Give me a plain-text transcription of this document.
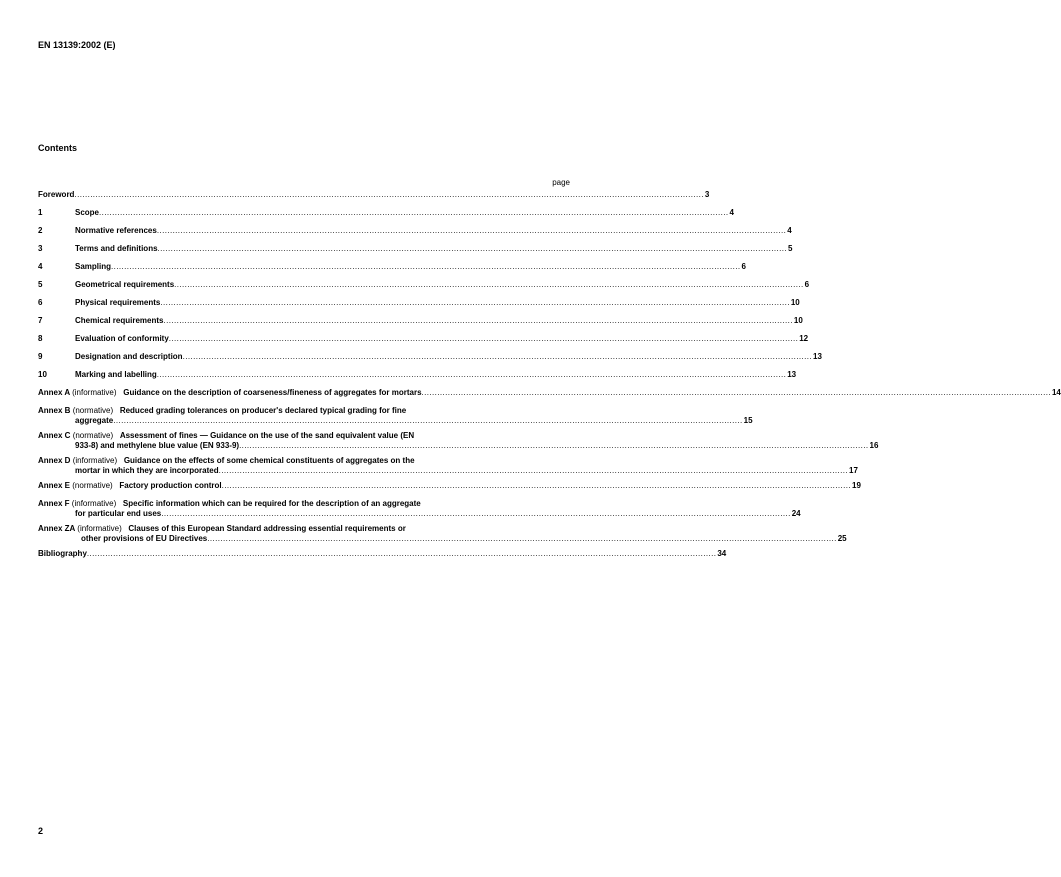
EN 13139:2002 (E)
Contents
page
Foreword .....	3
1	Scope .....	4
2	Normative references .....	4
3	Terms and definitions .....	5
4	Sampling .....	6
5	Geometrical requirements .....	6
6	Physical requirements .....	10
7	Chemical requirements .....	10
8	Evaluation of conformity .....	12
9	Designation and description .....	13
10	Marking and labelling .....	13
Annex A (informative) Guidance on the description of coarseness/fineness of aggregates for mortars .....	14
Annex B (normative) Reduced grading tolerances on producer's declared typical grading for fine
aggregate .....	15
Annex C (normative) Assessment of fines — Guidance on the use of the sand equivalent value (EN
933-8) and methylene blue value (EN 933-9) .....	16
Annex D (informative) Guidance on the effects of some chemical constituents of aggregates on the
mortar in which they are incorporated .....	17
Annex E (normative) Factory production control .....	19
Annex F (informative) Specific information which can be required for the description of an aggregate
for particular end uses .....	24
Annex ZA (informative) Clauses of this European Standard addressing essential requirements or
other provisions of EU Directives .....	25
Bibliography .....	34
2
